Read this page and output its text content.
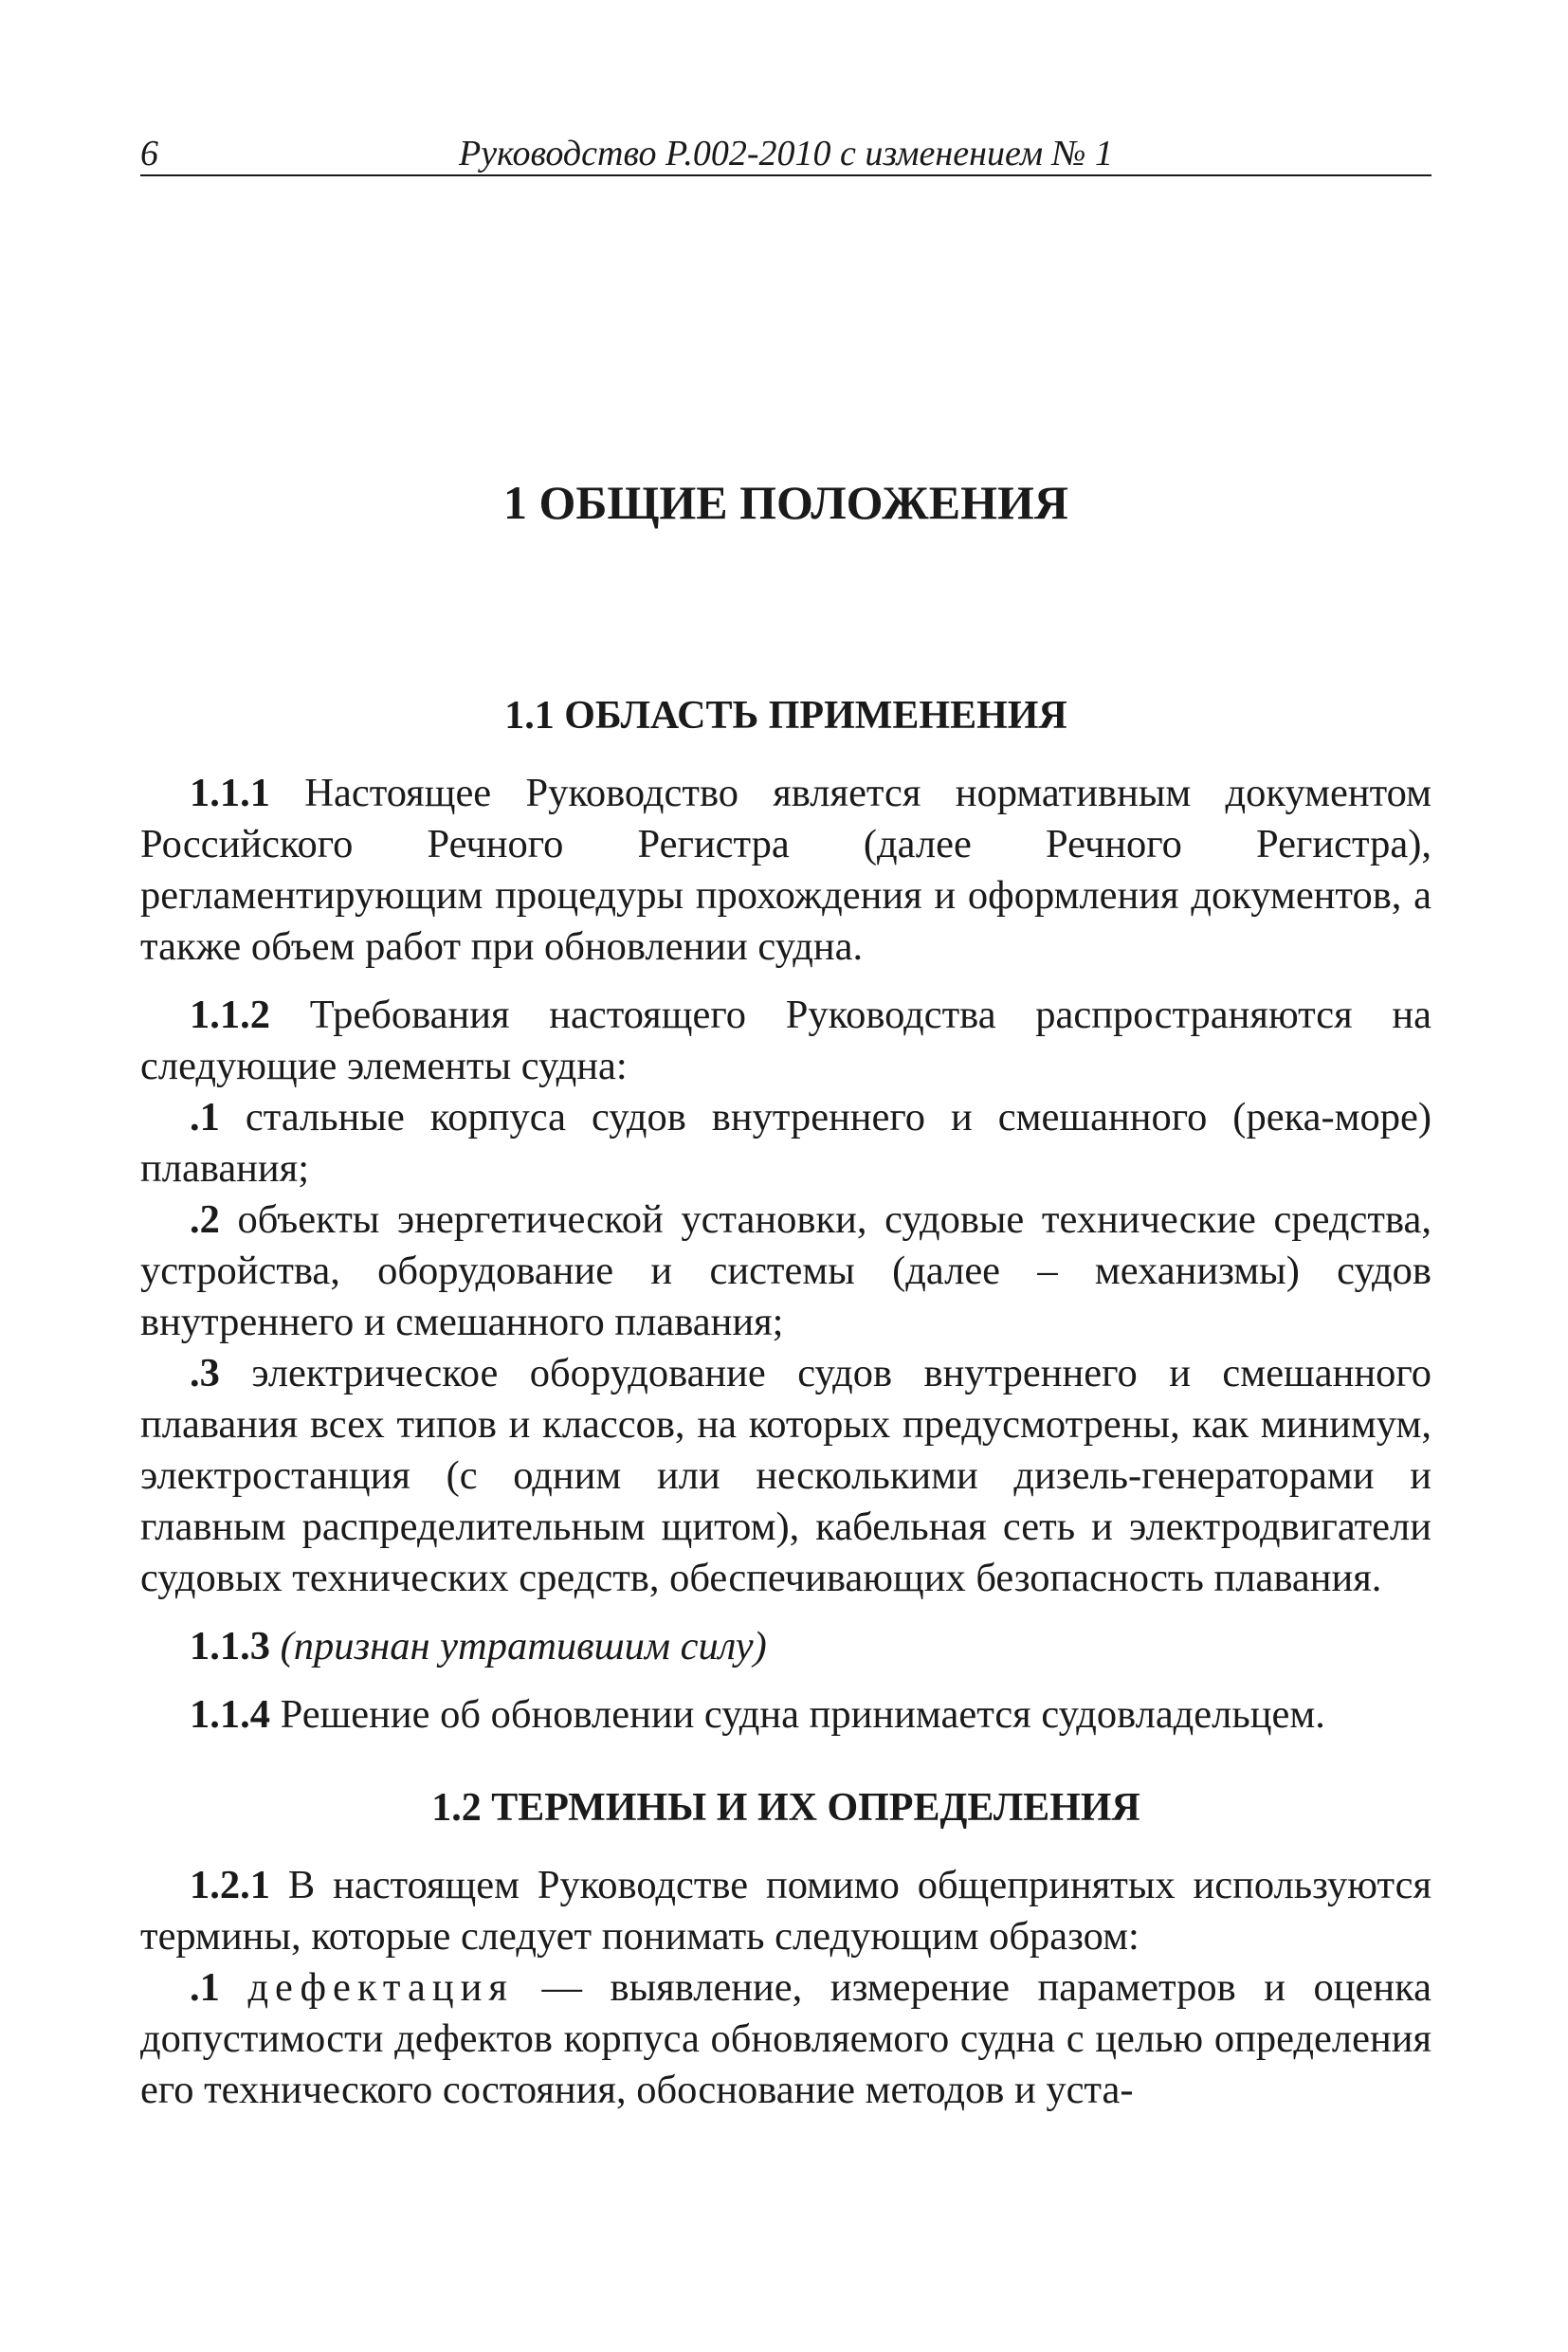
6	Руководство Р.002-2010 с изменением № 1
1 ОБЩИЕ ПОЛОЖЕНИЯ
1.1 ОБЛАСТЬ ПРИМЕНЕНИЯ

1.1.1 Настоящее Руководство является нормативным документом Российского Речного Регистра (далее Речного Регистра), регламентирующим процедуры прохождения и оформления документов, а также объем работ при обновлении судна.

1.1.2 Требования настоящего Руководства распространяются на следующие элементы судна:

.1 стальные корпуса судов внутреннего и смешанного (река-море) плавания;

.2 объекты энергетической установки, судовые технические средства, устройства, оборудование и системы (далее – механизмы) судов внутреннего и смешанного плавания;

.3 электрическое оборудование судов внутреннего и смешанного плавания всех типов и классов, на которых предусмотрены, как минимум, электростанция (с одним или несколькими дизель-генераторами и главным распределительным щитом), кабельная сеть и электродвигатели судовых технических средств, обеспечивающих безопасность плавания.

1.1.3 (признан утратившим силу)

1.1.4 Решение об обновлении судна принимается судовладельцем.

1.2 ТЕРМИНЫ И ИХ ОПРЕДЕЛЕНИЯ

1.2.1 В настоящем Руководстве помимо общепринятых используются термины, которые следует понимать следующим образом:

.1 дефектация — выявление, измерение параметров и оценка допустимости дефектов корпуса обновляемого судна с целью определения его технического состояния, обоснование методов и уста-
